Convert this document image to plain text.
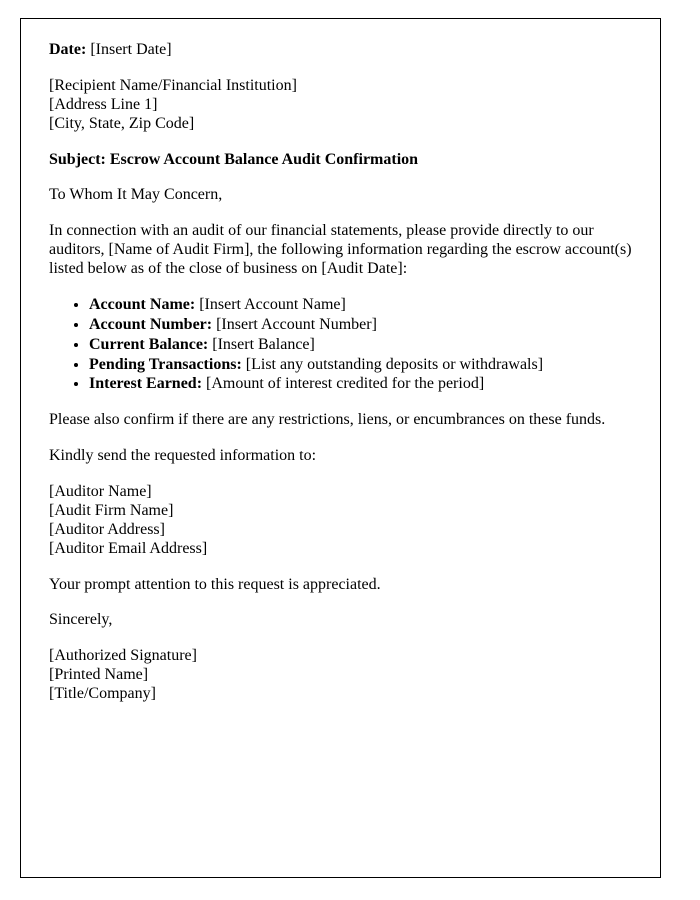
Date: [Insert Date]

[Recipient Name/Financial Institution]
[Address Line 1]
[City, State, Zip Code]

Subject: Escrow Account Balance Audit Confirmation

To Whom It May Concern,

In connection with an audit of our financial statements, please provide directly to our auditors, [Name of Audit Firm], the following information regarding the escrow account(s) listed below as of the close of business on [Audit Date]:

• Account Name: [Insert Account Name]
• Account Number: [Insert Account Number]
• Current Balance: [Insert Balance]
• Pending Transactions: [List any outstanding deposits or withdrawals]
• Interest Earned: [Amount of interest credited for the period]

Please also confirm if there are any restrictions, liens, or encumbrances on these funds.

Kindly send the requested information to:

[Auditor Name]
[Audit Firm Name]
[Auditor Address]
[Auditor Email Address]

Your prompt attention to this request is appreciated.

Sincerely,

[Authorized Signature]
[Printed Name]
[Title/Company]
